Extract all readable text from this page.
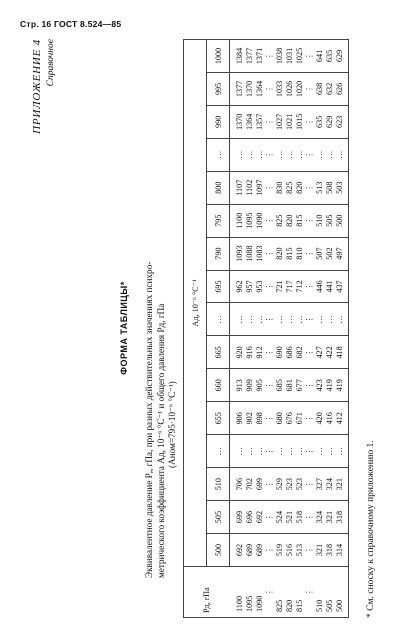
Стр. 16 ГОСТ 8.524—85
ПРИЛОЖЕНИЕ 4 Справочное
ФОРМА ТАБЛИЦЫ* Эквивалентное давление Pₑ, гПа, при разных действительных значениях психро- метрического коэффициента Aд, 10⁻⁶ °С⁻¹ и общего давления Pд, гПа (Aном=795·10⁻⁶ °С⁻¹)
Pд, гПа	Aд, 10⁻⁶ °С⁻¹															
	500	505	510	…	655	660	665	…	695	790	795	800	…	990	995	1000
1100	692	699	706	…	906	913	920	…	962	1093	1100	1107	…	1370	1377	1384
1095	689	696	702	…	902	909	916	…	957	1088	1095	1102	…	1364	1370	1377
1090	689	692	699	…	898	905	912	…	953	1083	1090	1097	…	1357	1364	1371
⋮	⋮	⋮	⋮	⋮	⋮	⋮	⋮	⋮	⋮	⋮	⋮	⋮	⋮	⋮	⋮	⋮
825	519	524	529	…	680	685	690	…	721	820	825	830	…	1027	1033	1038
820	516	521	523	…	676	681	686	…	717	815	820	825	…	1021	1026	1031
815	513	518	523	…	671	677	682	…	712	810	815	820	…	1015	1020	1025
⋮	⋮	⋮	⋮	⋮	⋮	⋮	⋮	⋮	⋮	⋮	⋮	⋮	⋮	⋮	⋮	⋮
510	321	324	327	…	420	423	427	…	446	507	510	513	…	635	638	641
505	318	321	324	…	416	419	422	…	441	502	505	508	…	629	632	635
500	314	318	321	…	412	419	418	…	437	497	500	503	…	623	626	629
* См. сноску к справочному приложению 1.
